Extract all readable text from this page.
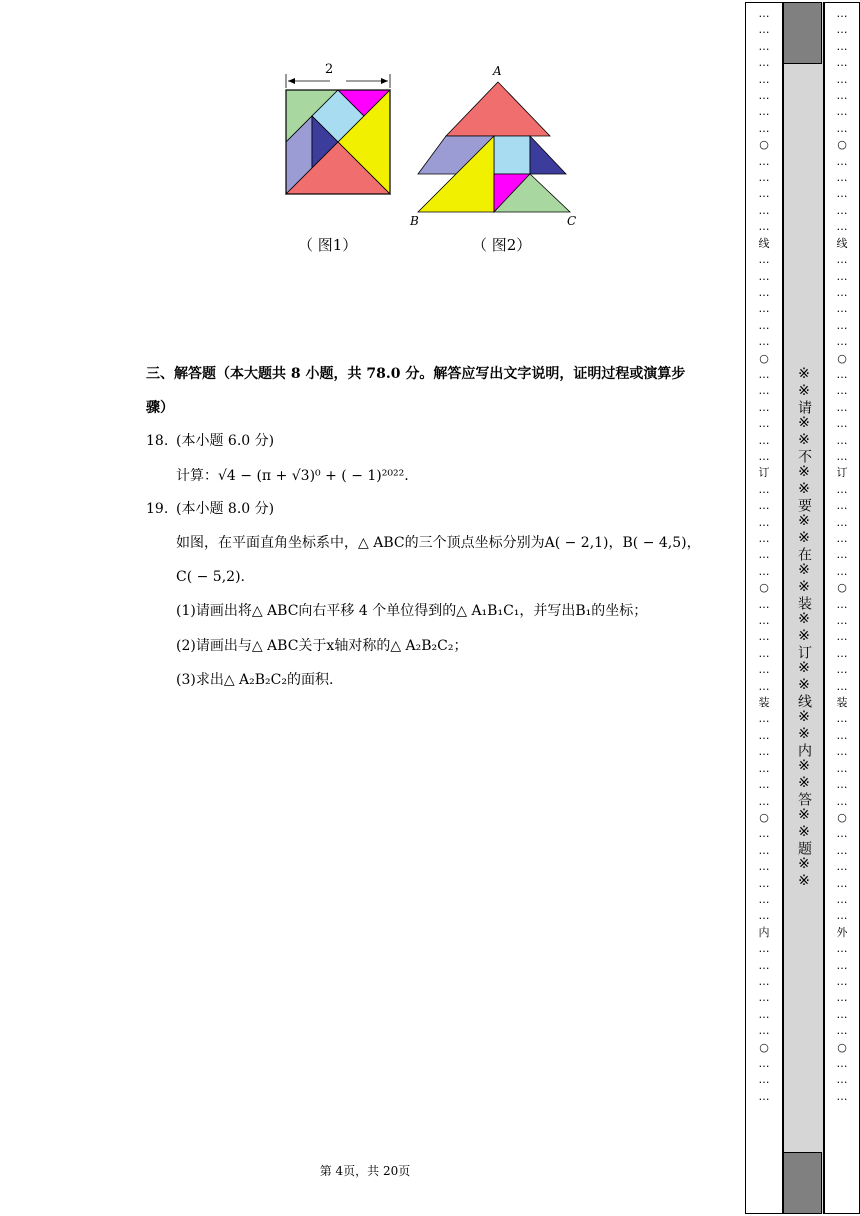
2	A
B	C
（ 图1）	（ 图2）
三、解答题（本大题共 8 小题，共 78.0 分。解答应写出文字说明，证明过程或演算步
骤）
18. (本小题 6.0 分)
计算：√4 − (π + √3)⁰ + ( − 1)²⁰²².
19. (本小题 8.0 分)
如图，在平面直角坐标系中，△ ABC的三个顶点坐标分别为A( − 2,1)，B( − 4,5)，
C( − 5,2).
(1)请画出将△ ABC向右平移 4 个单位得到的△ A₁B₁C₁，并写出B₁的坐标；
(2)请画出与△ ABC关于x轴对称的△ A₂B₂C₂；
(3)求出△ A₂B₂C₂的面积.
第 4页，共 20页
…
…
…
…
…
…
…
…
○
…
…
…
…
…
线
…
…
…
…
…
…
○
…
…
…
…
…
…
订
…
…
…
…
…
…
○
…
…
…
…
…
…
装
…
…
…
…
…
…
○
…
…
…
…
…
…
内
…
…
…
…
…
…
○
…
…
…
※※请※※不※※要※※在※※装※※订※※线※※内※※答※※题※※
…
…
…
…
…
…
…
…
○
…
…
…
…
…
线
…
…
…
…
…
…
○
…
…
…
…
…
…
订
…
…
…
…
…
…
○
…
…
…
…
…
…
装
…
…
…
…
…
…
○
…
…
…
…
…
…
外
…
…
…
…
…
…
○
…
…
…
